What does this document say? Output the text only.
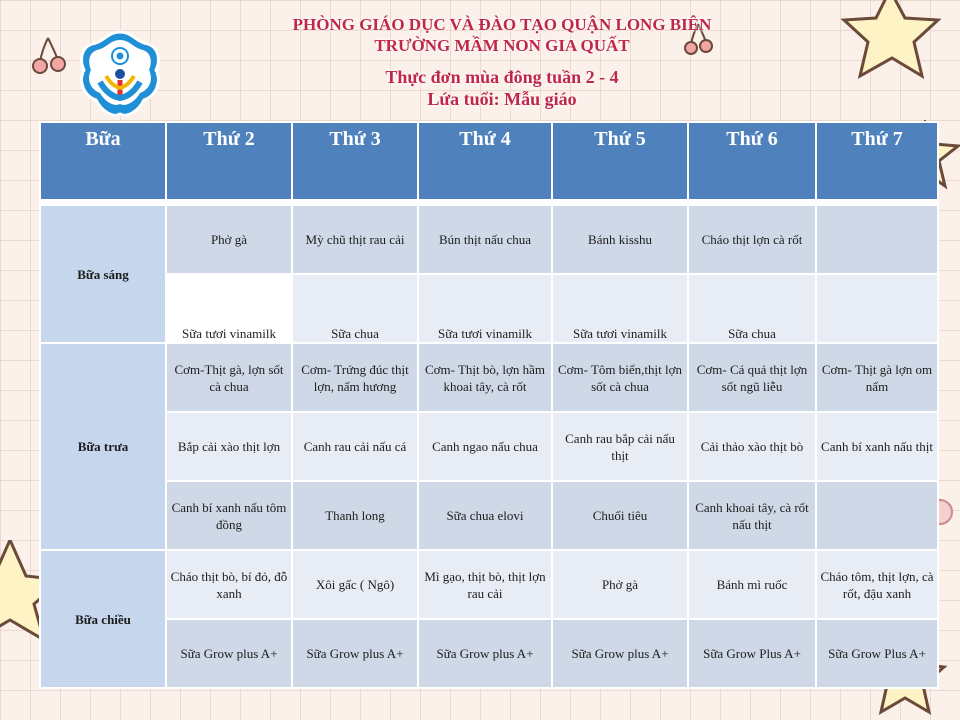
PHÒNG GIÁO DỤC VÀ ĐÀO TẠO QUẬN LONG BIÊN
TRƯỜNG MẦM NON GIA QUẤT
Thực đơn mùa đông tuần 2 - 4
Lứa tuổi: Mẫu giáo
Bữa	Thứ 2	Thứ 3	Thứ 4	Thứ 5	Thứ 6	Thứ 7

Bữa sáng	Phở gà	Mỳ chũ thịt rau cải	Bún thịt nấu chua	Bánh kisshu	Cháo thịt lợn cà rốt	
	Sữa tươi vinamilk	Sữa chua	Sữa tươi vinamilk	Sữa tươi vinamilk	Sữa chua	
Bữa trưa	Cơm-Thịt gà, lợn sốt cà chua	Cơm- Trứng đúc thịt lợn, nấm hương	Cơm- Thịt bò, lợn hầm khoai tây, cà rốt	Cơm- Tôm biển,thịt lợn sốt cà chua	Cơm- Cá quả thịt lợn sốt ngũ liễu	Cơm- Thịt gà lợn om nấm
	Bắp cải xào thịt lợn	Canh rau cải nấu cá	Canh ngao nấu chua	Canh rau bắp cải nấu thịt	Cải thảo xào thịt bò	Canh bí xanh nấu thịt
	Canh bí xanh nấu tôm đồng	Thanh long	Sữa chua elovi	Chuối tiêu	Canh khoai tây, cà rốt nấu thịt	
Bữa chiều	Cháo thịt bò, bí đỏ, đỗ xanh	Xôi gấc ( Ngô)	Mì gạo, thịt bò, thịt lợn rau cải	Phở gà	Bánh mì ruốc	Cháo tôm, thịt lợn, cà rốt, đậu xanh
	Sữa Grow plus A+	Sữa Grow plus A+	Sữa Grow plus A+	Sữa Grow plus A+	Sữa Grow Plus A+	Sữa Grow Plus A+
